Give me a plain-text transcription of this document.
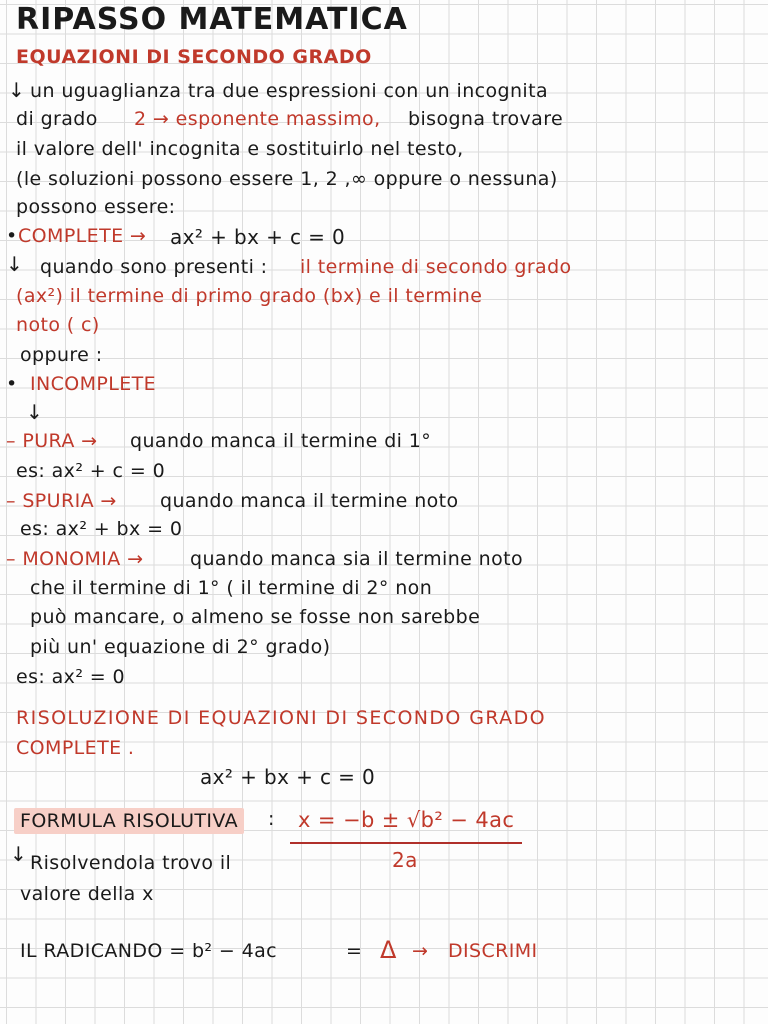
RIPASSO MATEMATICA
EQUAZIONI DI SECONDO GRADO
↓ un uguaglianza tra due espressioni con un incognita
di grado 2 → esponente massimo, bisogna trovare
il valore dell' incognita e sostituirlo nel testo,
(le soluzioni possono essere 1, 2 ,∞ oppure o nessuna)
possono essere:
• COMPLETE → ax² + bx + c = 0
↓ quando sono presenti : il termine di secondo grado
(ax²) il termine di primo grado (bx) e il termine
noto ( c)
oppure :
• INCOMPLETE
↓
– PURA → quando manca il termine di 1°
es: ax² + c = 0
– SPURIA → quando manca il termine noto
es: ax² + bx = 0
– MONOMIA → quando manca sia il termine noto
che il termine di 1° ( il termine di 2° non
può mancare, o almeno se fosse non sarebbe
più un' equazione di 2° grado)
es: ax² = 0
RISOLUZIONE DI EQUAZIONI DI SECONDO GRADO
COMPLETE .
ax² + bx + c = 0
FORMULA RISOLUTIVA	: x = −b ± √b² − 4ac
2a
↓ Risolvendola trovo il
valore della x
IL RADICANDO = b² − 4ac	= Δ → DISCRIMI
